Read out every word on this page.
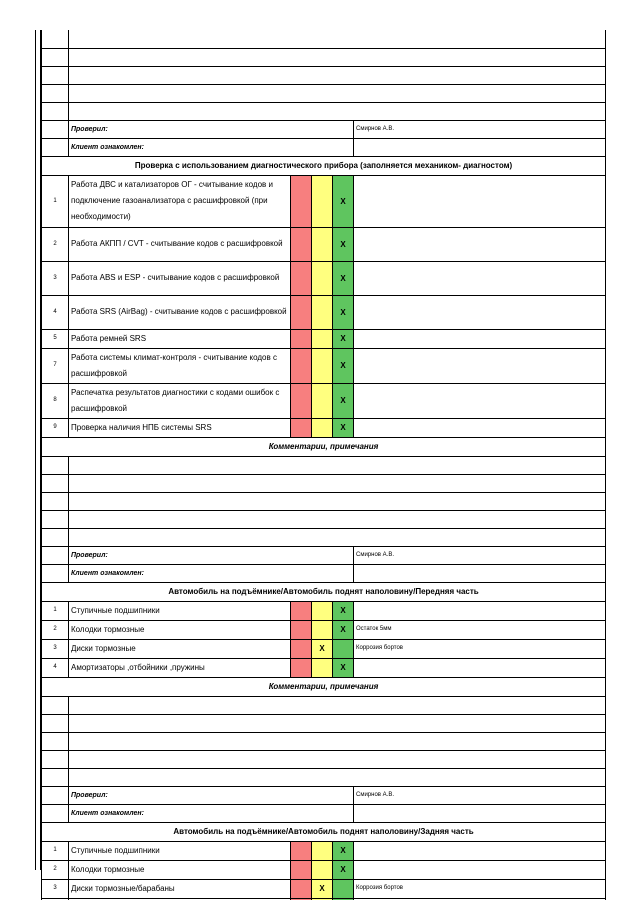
	Проверил:				Смирнов А.В.
	Клиент ознакомлен:				
Проверка с использованием диагностического прибора (заполняется механиком- диагностом)					
1	Работа ДВС и катализаторов ОГ - считывание кодов и подключение газоанализатора с расшифровкой (при необходимости)			X	
2	Работа АКПП / CVT - считывание кодов с расшифровкой			X	
3	Работа ABS и ESP - считывание кодов с расшифровкой			X	
4	Работа SRS (AirBag) - считывание кодов с расшифровкой			X	
5	Работа ремней SRS			X	
7	Работа системы климат-контроля - считывание кодов с расшифровкой			X	
8	Распечатка результатов диагностики с кодами ошибок с расшифровкой			X	
9	Проверка наличия НПБ системы SRS			X	
Комментарии, примечания					

	Проверил:				Смирнов А.В.
	Клиент ознакомлен:				
Автомобиль на подъёмнике/Автомобиль поднят наполовину/Передняя часть					
1	Ступичные подшипники			X	
2	Колодки тормозные			X	Остаток 5мм
3	Диски тормозные		X		Коррозия бортов
4	Амортизаторы ,отбойники ,пружины			X	
Комментарии, примечания					

	Проверил:				Смирнов А.В.
	Клиент ознакомлен:				
Автомобиль на подъёмнике/Автомобиль поднят наполовину/Задняя часть					
1	Ступичные подшипники			X	
2	Колодки тормозные			X	
3	Диски тормозные/барабаны		X		Коррозия бортов
